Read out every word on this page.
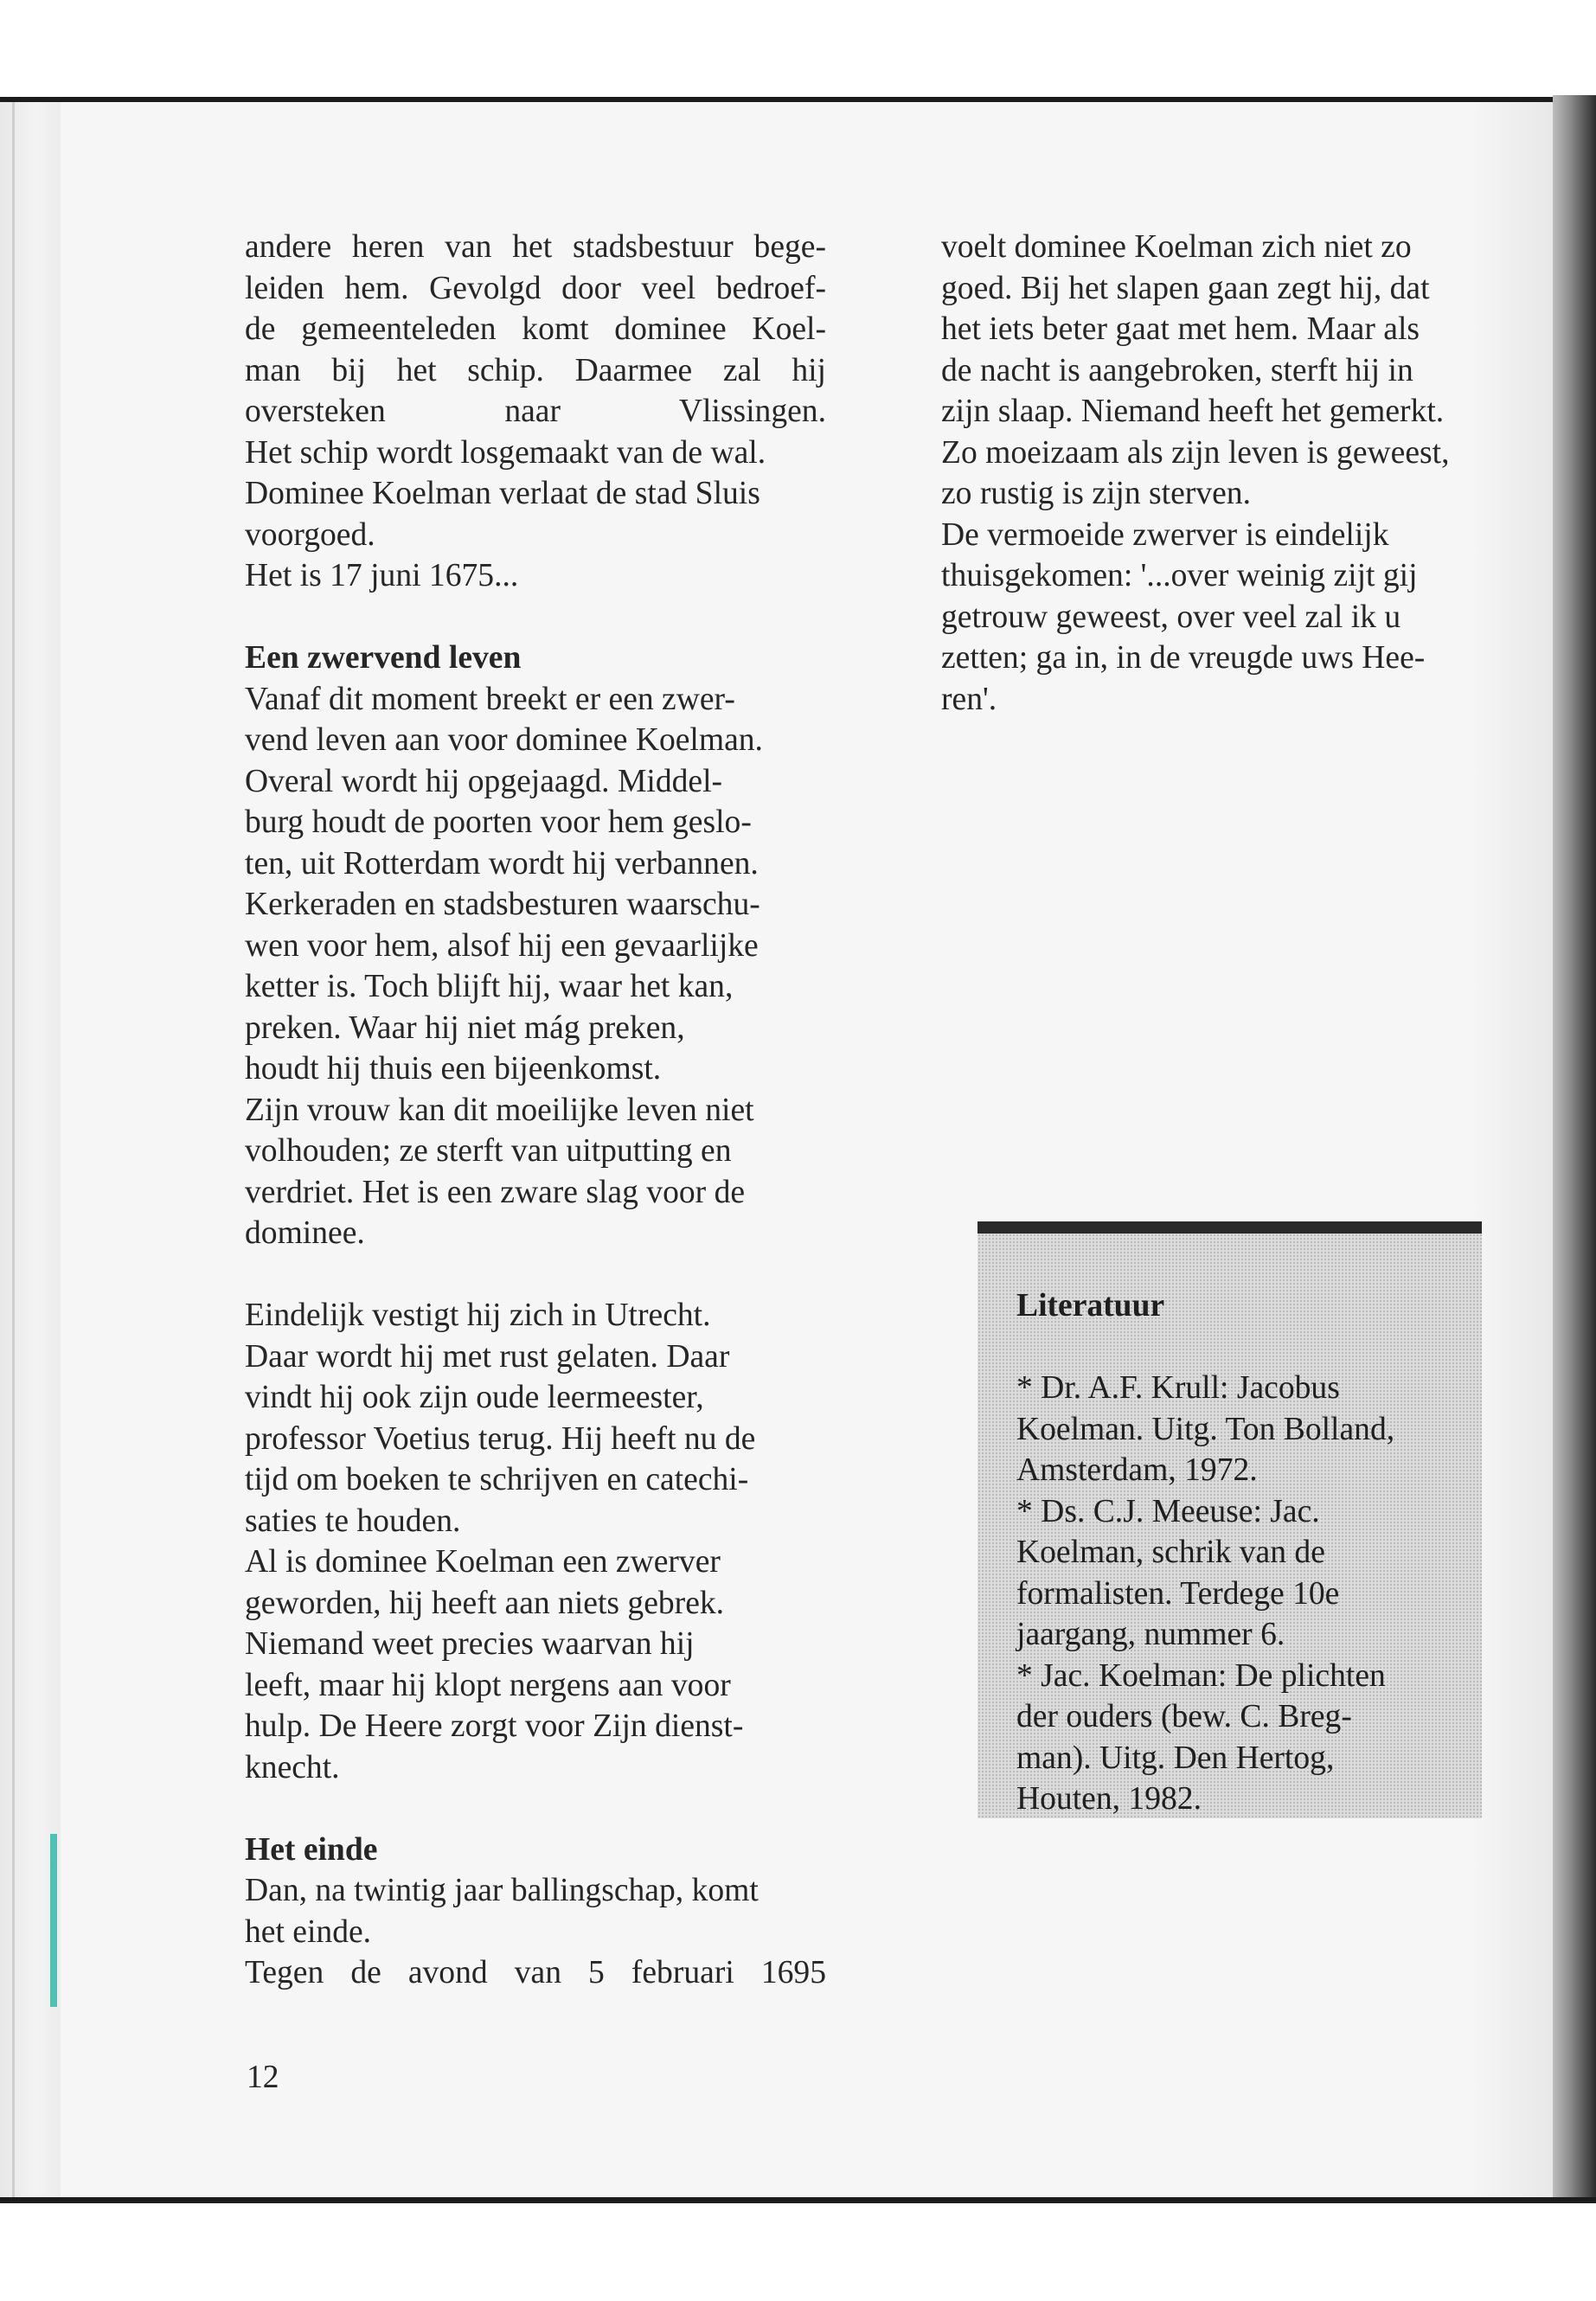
andere heren van het stadsbestuur bege-
leiden hem. Gevolgd door veel bedroef-
de gemeenteleden komt dominee Koel-
man bij het schip. Daarmee zal hij
oversteken naar Vlissingen.

Het schip wordt losgemaakt van de wal.

Dominee Koelman verlaat de stad Sluis
voorgoed.

Het is 17 juni 1675...

Een zwervend leven

Vanaf dit moment breekt er een zwer-
vend leven aan voor dominee Koelman.

Overal wordt hij opgejaagd. Middel-
burg houdt de poorten voor hem geslo-
ten, uit Rotterdam wordt hij verbannen.

Kerkeraden en stadsbesturen waarschu-
wen voor hem, alsof hij een gevaarlijke
ketter is. Toch blijft hij, waar het kan,
preken. Waar hij niet mág preken,
houdt hij thuis een bijeenkomst.

Zijn vrouw kan dit moeilijke leven niet
volhouden; ze sterft van uitputting en
verdriet. Het is een zware slag voor de
dominee.

Eindelijk vestigt hij zich in Utrecht.
Daar wordt hij met rust gelaten. Daar
vindt hij ook zijn oude leermeester,
professor Voetius terug. Hij heeft nu de
tijd om boeken te schrijven en catechi-
saties te houden.

Al is dominee Koelman een zwerver
geworden, hij heeft aan niets gebrek.
Niemand weet precies waarvan hij
leeft, maar hij klopt nergens aan voor
hulp. De Heere zorgt voor Zijn dienst-
knecht.

Het einde

Dan, na twintig jaar ballingschap, komt
het einde.

Tegen de avond van 5 februari 1695

voelt dominee Koelman zich niet zo
goed. Bij het slapen gaan zegt hij, dat
het iets beter gaat met hem. Maar als
de nacht is aangebroken, sterft hij in
zijn slaap. Niemand heeft het gemerkt.
Zo moeizaam als zijn leven is geweest,
zo rustig is zijn sterven.

De vermoeide zwerver is eindelijk
thuisgekomen: '...over weinig zijt gij
getrouw geweest, over veel zal ik u
zetten; ga in, in de vreugde uws Hee-
ren'.

Literatuur

* Dr. A.F. Krull: Jacobus
Koelman. Uitg. Ton Bolland,
Amsterdam, 1972.

* Ds. C.J. Meeuse: Jac.
Koelman, schrik van de
formalisten. Terdege 10e
jaargang, nummer 6.

* Jac. Koelman: De plichten
der ouders (bew. C. Breg-
man). Uitg. Den Hertog,
Houten, 1982.

12
